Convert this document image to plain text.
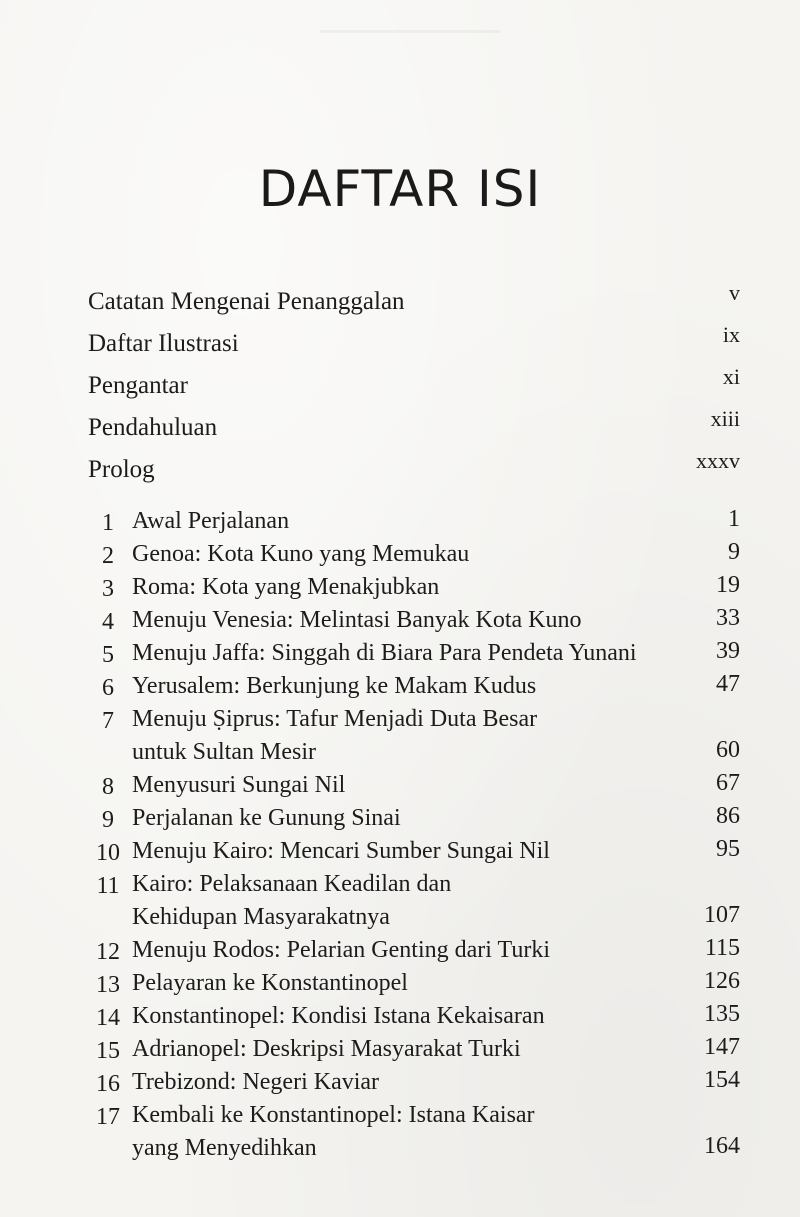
DAFTAR ISI
Catatan Mengenai Penanggalan	v
Daftar Ilustrasi	ix
Pengantar	xi
Pendahuluan	xiii
Prolog	xxxv
1 Awal Perjalanan	1
2 Genoa: Kota Kuno yang Memukau	9
3 Roma: Kota yang Menakjubkan	19
4 Menuju Venesia: Melintasi Banyak Kota Kuno	33
5 Menuju Jaffa: Singgah di Biara Para Pendeta Yunani	39
6 Yerusalem: Berkunjung ke Makam Kudus	47
7 Menuju Ṣiprus: Tafur Menjadi Duta Besar
untuk Sultan Mesir	60
8 Menyusuri Sungai Nil	67
9 Perjalanan ke Gunung Sinai	86
10 Menuju Kairo: Mencari Sumber Sungai Nil	95
11 Kairo: Pelaksanaan Keadilan dan
Kehidupan Masyarakatnya	107
12 Menuju Rodos: Pelarian Genting dari Turki	115
13 Pelayaran ke Konstantinopel	126
14 Konstantinopel: Kondisi Istana Kekaisaran	135
15 Adrianopel: Deskripsi Masyarakat Turki	147
16 Trebizond: Negeri Kaviar	154
17 Kembali ke Konstantinopel: Istana Kaisar
yang Menyedihkan	164
